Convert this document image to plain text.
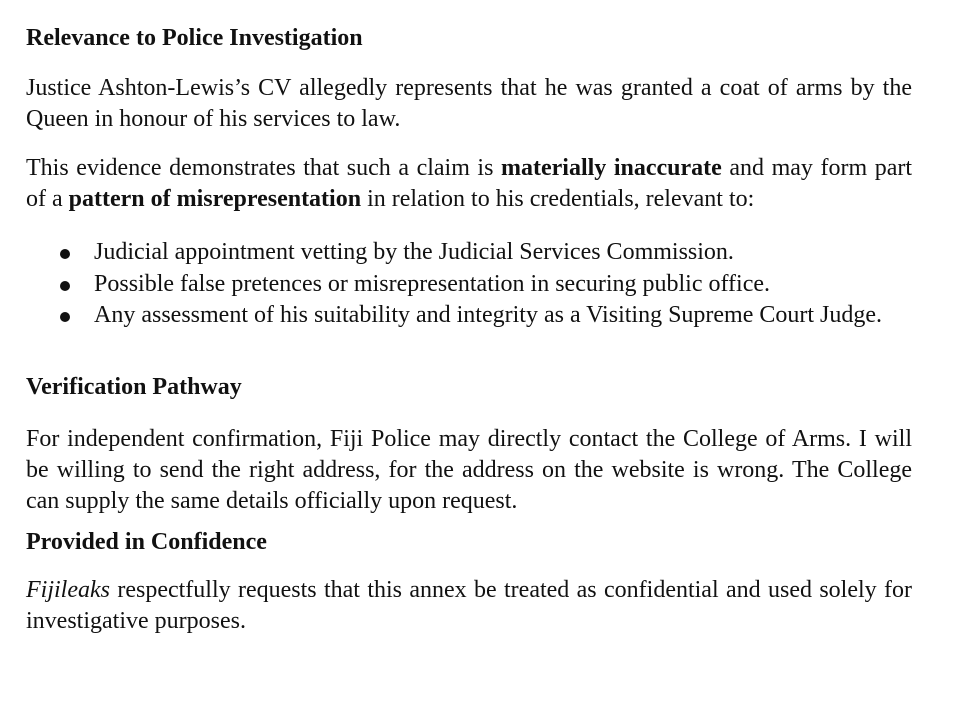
Relevance to Police Investigation

Justice Ashton-Lewis’s CV allegedly represents that he was granted a coat of arms by the Queen in honour of his services to law.

This evidence demonstrates that such a claim is materially inaccurate and may form part of a pattern of misrepresentation in relation to his credentials, relevant to:

Judicial appointment vetting by the Judicial Services Commission.
Possible false pretences or misrepresentation in securing public office.
Any assessment of his suitability and integrity as a Visiting Supreme Court Judge.
Verification Pathway

For independent confirmation, Fiji Police may directly contact the College of Arms. I will be willing to send the right address, for the address on the website is wrong. The College can supply the same details officially upon request.

Provided in Confidence

Fijileaks respectfully requests that this annex be treated as confidential and used solely for investigative purposes.
